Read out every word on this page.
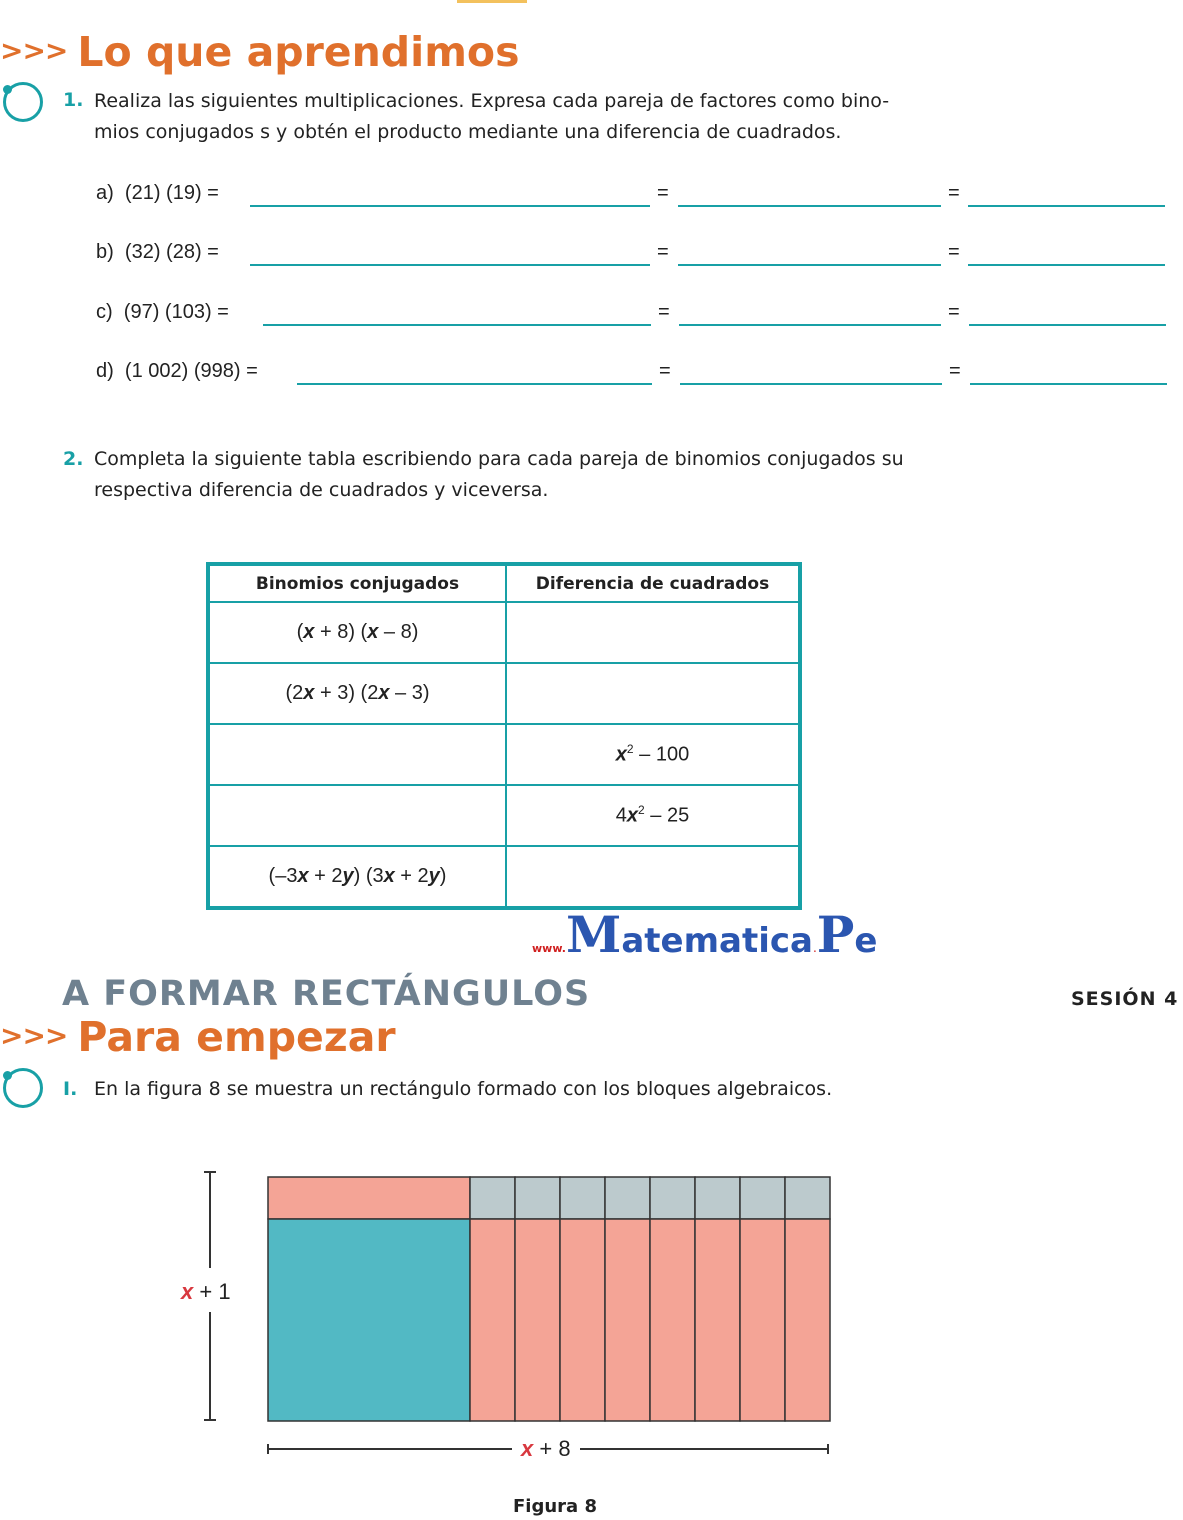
>>> Lo que aprendimos
1. Realiza las siguientes multiplicaciones. Expresa cada pareja de factores como bino-
mios conjugados s y obtén el producto mediante una diferencia de cuadrados.
a) (21) (19) =	=	=
b) (32) (28) =	=	=
c) (97) (103) =	=	=
d) (1 002) (998) =	=	=
2. Completa la siguiente tabla escribiendo para cada pareja de binomios conjugados su
respectiva diferencia de cuadrados y viceversa.
Binomios conjugados	Diferencia de cuadrados
(x + 8) (x – 8)	
(2x + 3) (2x – 3)	
	$x^2 - 100$
	$4x^2 - 25$
(–3x + 2y) (3x + 2y)	
www.Matematica.Pe
A FORMAR RECTÁNGULOS	SESIÓN 4
>>> Para empezar
I. En la figura 8 se muestra un rectángulo formado con los bloques algebraicos.
x + 1
x + 8
Figura 8
